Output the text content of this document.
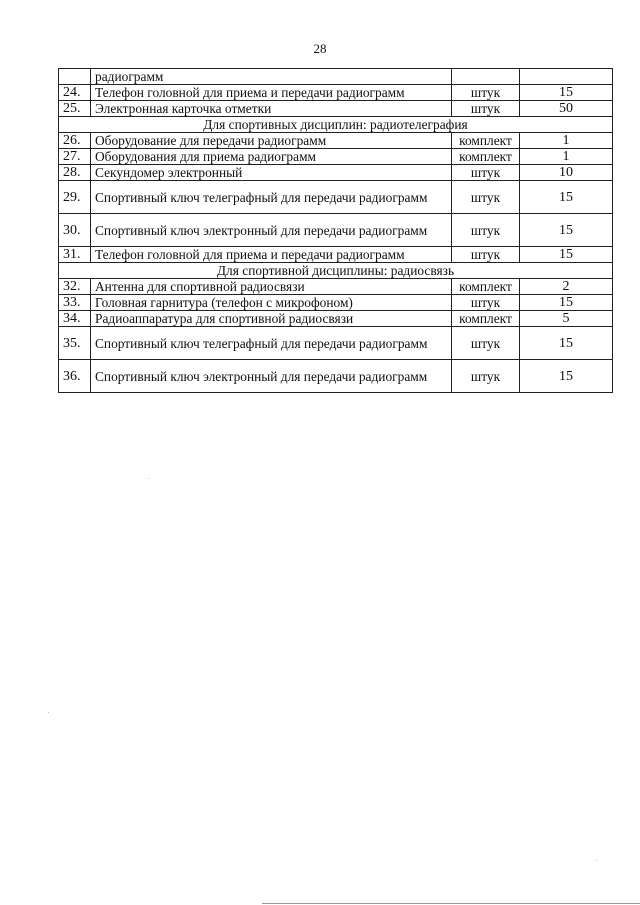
28
	радиограмм		
24.	Телефон головной для приема и передачи радиограмм	штук	15
25.	Электронная карточка отметки	штук	50
Для спортивных дисциплин: радиотелеграфия			
26.	Оборудование для передачи радиограмм	комплект	1
27.	Оборудования для приема радиограмм	комплект	1
28.	Секундомер электронный	штук	10
29.	Спортивный ключ телеграфный для передачи радиограмм	штук	15
30.	Спортивный ключ электронный для передачи радиограмм	штук	15
31.	Телефон головной для приема и передачи радиограмм	штук	15
Для спортивной дисциплины: радиосвязь			
32.	Антенна для спортивной радиосвязи	комплект	2
33.	Головная гарнитура (телефон с микрофоном)	штук	15
34.	Радиоаппаратура для спортивной радиосвязи	комплект	5
35.	Спортивный ключ телеграфный для передачи радиограмм	штук	15
36.	Спортивный ключ электронный для передачи радиограмм	штук	15
